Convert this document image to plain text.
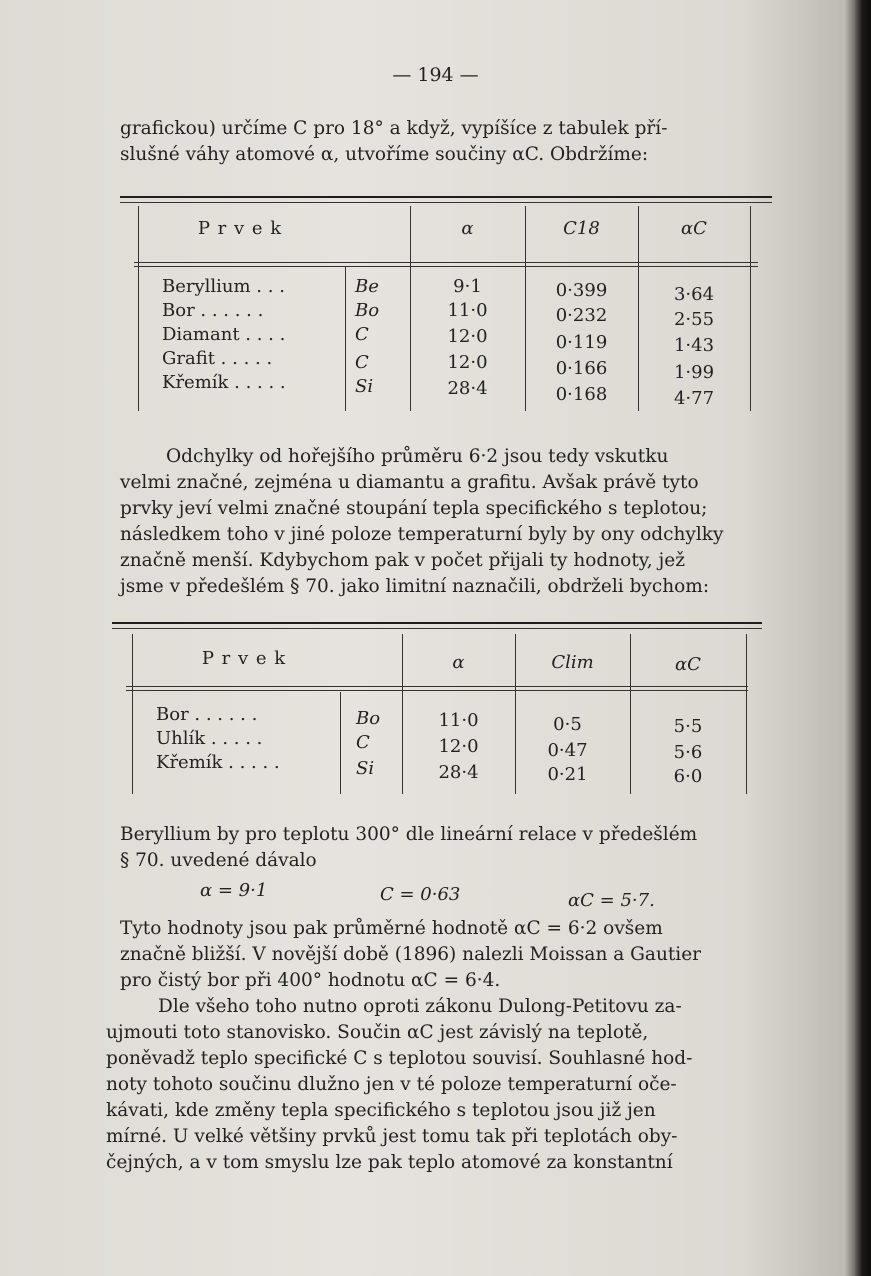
— 194 —
grafickou) určíme C pro 18° a když, vypíšíce z tabulek pří-
slušné váhy atomové α, utvoříme součiny αC. Obdržíme:
P r v e k	α	C18	αC
Beryllium . . .	Be	9·1	0·399	3·64
Bor . . . . . .	Bo	11·0	0·232	2·55
Diamant . . . .	C	12·0	0·119	1·43
Grafit . . . . .	C	12·0	0·166	1·99
Křemík . . . . .	Si	28·4	0·168	4·77
Odchylky od hořejšího průměru 6·2 jsou tedy vskutku
velmi značné, zejména u diamantu a grafitu. Avšak právě tyto
prvky jeví velmi značné stoupání tepla specifického s teplotou;
následkem toho v jiné poloze temperaturní byly by ony odchylky
značně menší. Kdybychom pak v počet přijali ty hodnoty, jež
jsme v předešlém § 70. jako limitní naznačili, obdrželi bychom:
P r v e k	α	Clim	αC
Bor . . . . . .	Bo	11·0	0·5	5·5
Uhlík . . . . .	C	12·0	0·47	5·6
Křemík . . . . .	Si	28·4	0·21	6·0
Beryllium by pro teplotu 300° dle lineární relace v předešlém
§ 70. uvedené dávalo
α = 9·1	C = 0·63	αC = 5·7.
Tyto hodnoty jsou pak průměrné hodnotě αC = 6·2 ovšem
značně bližší. V novější době (1896) nalezli Moissan a Gautier
pro čistý bor při 400° hodnotu αC = 6·4.
Dle všeho toho nutno oproti zákonu Dulong-Petitovu za-
ujmouti toto stanovisko. Součin αC jest závislý na teplotě,
poněvadž teplo specifické C s teplotou souvisí. Souhlasné hod-
noty tohoto součinu dlužno jen v té poloze temperaturní oče-
kávati, kde změny tepla specifického s teplotou jsou již jen
mírné. U velké většiny prvků jest tomu tak při teplotách oby-
čejných, a v tom smyslu lze pak teplo atomové za konstantní
